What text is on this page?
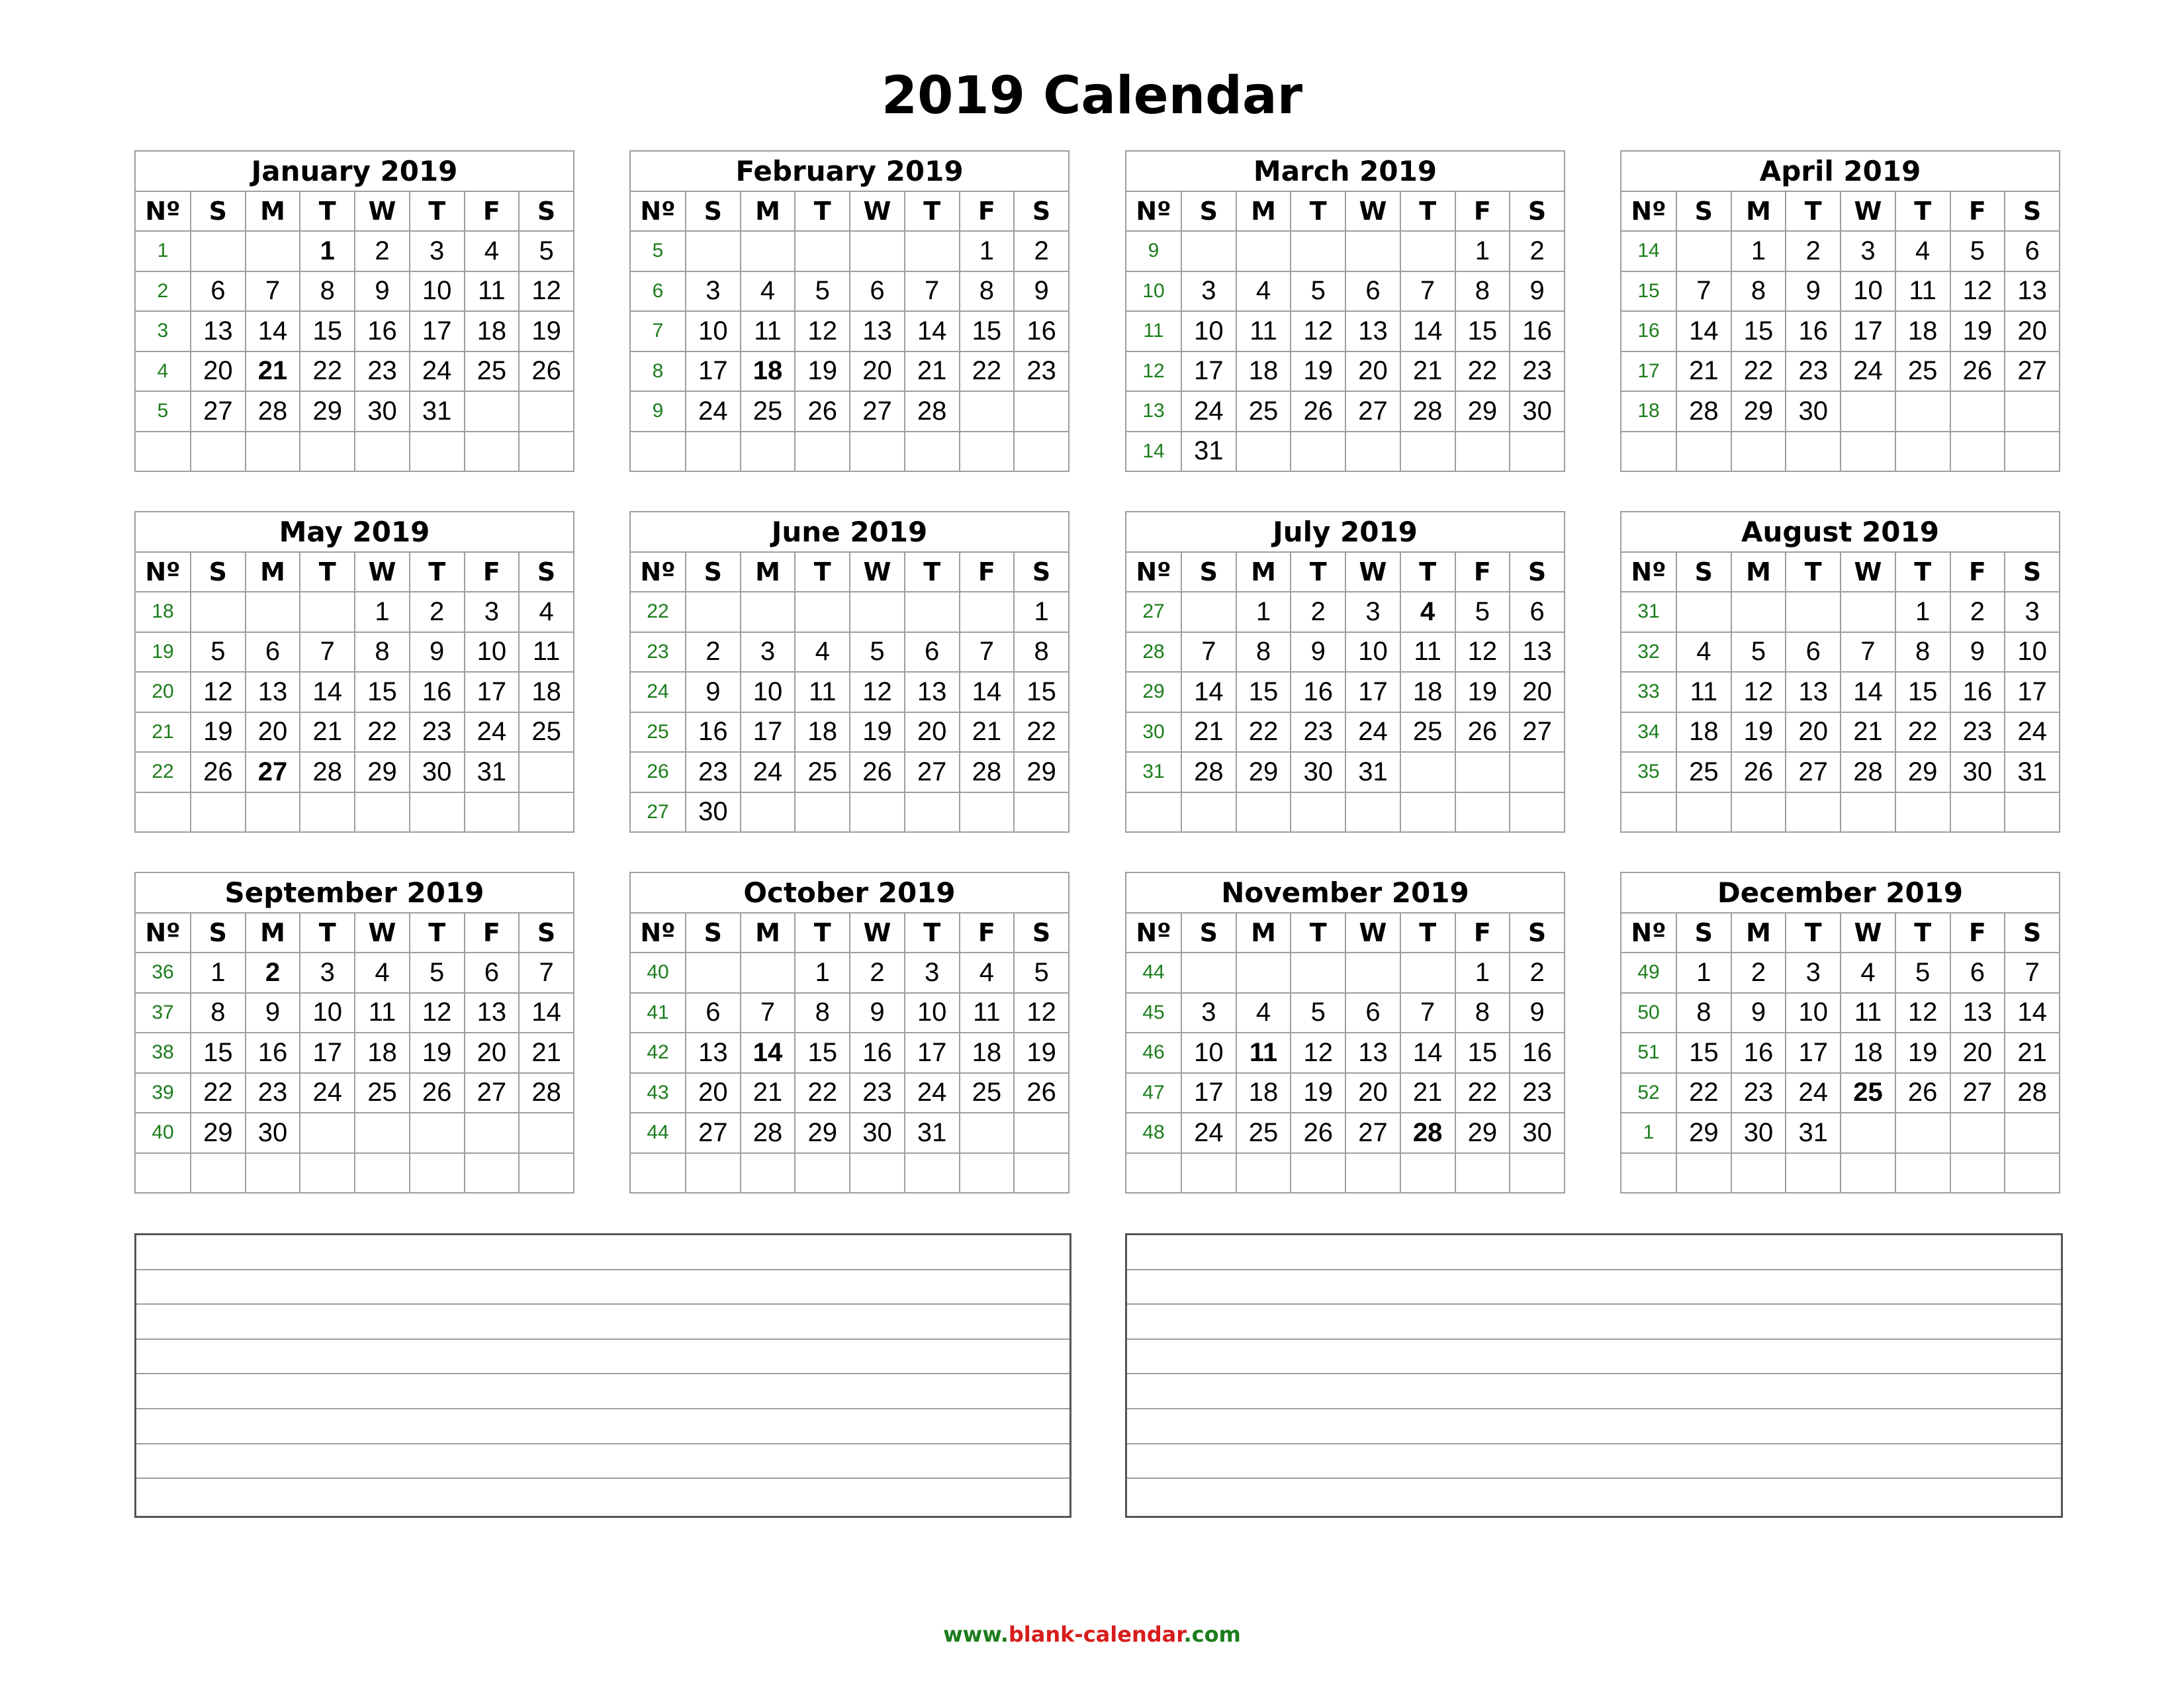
2019 Calendar
January 2019							
Nº	S	M	T	W	T	F	S
1			1	2	3	4	5
2	6	7	8	9	10	11	12
3	13	14	15	16	17	18	19
4	20	21	22	23	24	25	26
5	27	28	29	30	31		

February 2019							
Nº	S	M	T	W	T	F	S
5						1	2
6	3	4	5	6	7	8	9
7	10	11	12	13	14	15	16
8	17	18	19	20	21	22	23
9	24	25	26	27	28		

March 2019							
Nº	S	M	T	W	T	F	S
9						1	2
10	3	4	5	6	7	8	9
11	10	11	12	13	14	15	16
12	17	18	19	20	21	22	23
13	24	25	26	27	28	29	30
14	31						
April 2019							
Nº	S	M	T	W	T	F	S
14		1	2	3	4	5	6
15	7	8	9	10	11	12	13
16	14	15	16	17	18	19	20
17	21	22	23	24	25	26	27
18	28	29	30				

May 2019							
Nº	S	M	T	W	T	F	S
18				1	2	3	4
19	5	6	7	8	9	10	11
20	12	13	14	15	16	17	18
21	19	20	21	22	23	24	25
22	26	27	28	29	30	31	

June 2019							
Nº	S	M	T	W	T	F	S
22							1
23	2	3	4	5	6	7	8
24	9	10	11	12	13	14	15
25	16	17	18	19	20	21	22
26	23	24	25	26	27	28	29
27	30						
July 2019							
Nº	S	M	T	W	T	F	S
27		1	2	3	4	5	6
28	7	8	9	10	11	12	13
29	14	15	16	17	18	19	20
30	21	22	23	24	25	26	27
31	28	29	30	31			

August 2019							
Nº	S	M	T	W	T	F	S
31					1	2	3
32	4	5	6	7	8	9	10
33	11	12	13	14	15	16	17
34	18	19	20	21	22	23	24
35	25	26	27	28	29	30	31

September 2019							
Nº	S	M	T	W	T	F	S
36	1	2	3	4	5	6	7
37	8	9	10	11	12	13	14
38	15	16	17	18	19	20	21
39	22	23	24	25	26	27	28
40	29	30					

October 2019							
Nº	S	M	T	W	T	F	S
40			1	2	3	4	5
41	6	7	8	9	10	11	12
42	13	14	15	16	17	18	19
43	20	21	22	23	24	25	26
44	27	28	29	30	31		

November 2019							
Nº	S	M	T	W	T	F	S
44						1	2
45	3	4	5	6	7	8	9
46	10	11	12	13	14	15	16
47	17	18	19	20	21	22	23
48	24	25	26	27	28	29	30

December 2019							
Nº	S	M	T	W	T	F	S
49	1	2	3	4	5	6	7
50	8	9	10	11	12	13	14
51	15	16	17	18	19	20	21
52	22	23	24	25	26	27	28
1	29	30	31				

www.blank-calendar.com
